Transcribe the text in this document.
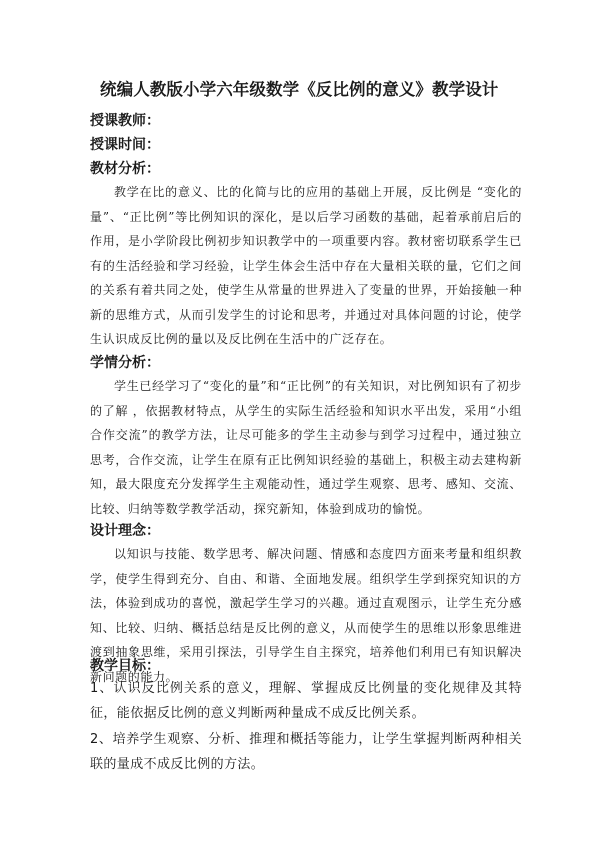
统编人教版小学六年级数学《反比例的意义》教学设计
授课教师：
授课时间：
教材分析：
教学在比的意义、比的化简与比的应用的基础上开展，反比例是 “变化的量”、“正比例”等比例知识的深化，是以后学习函数的基础，起着承前启后的作用，是小学阶段比例初步知识教学中的一项重要内容。教材密切联系学生已有的生活经验和学习经验，让学生体会生活中存在大量相关联的量，它们之间的关系有着共同之处，使学生从常量的世界进入了变量的世界，开始接触一种新的思维方式，从而引发学生的讨论和思考，并通过对具体问题的讨论，使学生认识成反比例的量以及反比例在生活中的广泛存在。
学情分析：
学生已经学习了“变化的量”和“正比例”的有关知识，对比例知识有了初步的了解 ，依据教材特点，从学生的实际生活经验和知识水平出发，采用“小组合作交流”的教学方法，让尽可能多的学生主动参与到学习过程中，通过独立思考，合作交流，让学生在原有正比例知识经验的基础上，积极主动去建构新知，最大限度充分发挥学生主观能动性，通过学生观察、思考、感知、交流、比较、归纳等数学教学活动，探究新知，体验到成功的愉悦。
设计理念：
以知识与技能、数学思考、解决问题、情感和态度四方面来考量和组织教学，使学生得到充分、自由、和谐、全面地发展。组织学生学到探究知识的方法，体验到成功的喜悦，激起学生学习的兴趣。通过直观图示，让学生充分感知、比较、归纳、概括总结是反比例的意义，从而使学生的思维以形象思维进渡到抽象思维，采用引探法，引导学生自主探究，培养他们利用已有知识解决新问题的能力。
教学目标：
1、认识反比例关系的意义，理解、掌握成反比例量的变化规律及其特征，能依据反比例的意义判断两种量成不成反比例关系。
2、培养学生观察、分析、推理和概括等能力，让学生掌握判断两种相关联的量成不成反比例的方法。
